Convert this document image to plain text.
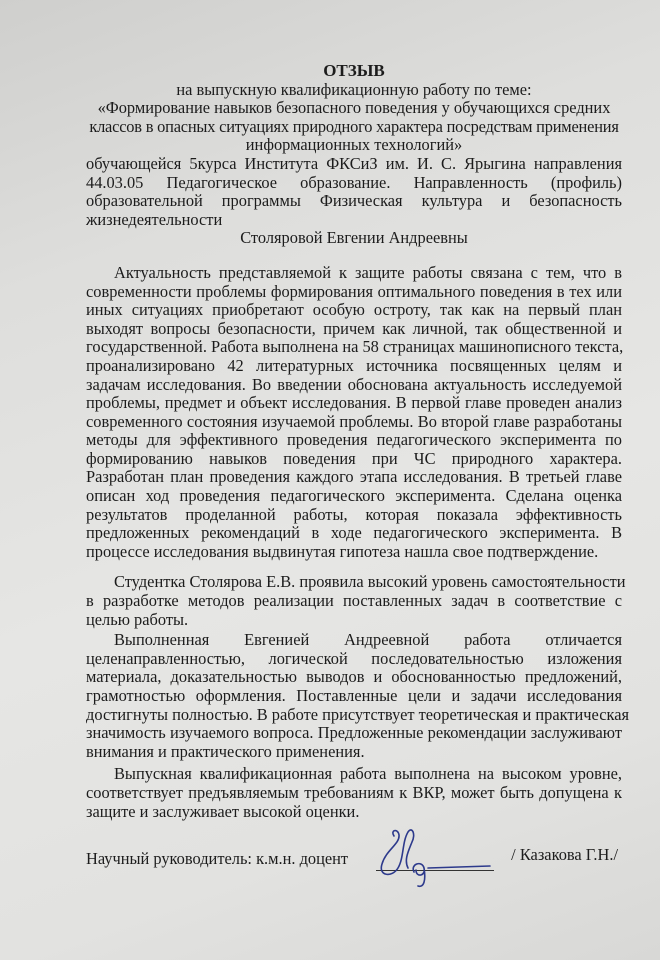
ОТЗЫВ
на выпускную квалификационную работу по теме:
«Формирование навыков безопасного поведения у обучающихся средних
классов в опасных ситуациях природного характера посредствам применения
информационных технологий»
обучающейся 5курса Института ФКСиЗ им. И. С. Ярыгина направления
44.03.05 Педагогическое образование. Направленность (профиль)
образовательной программы Физическая культура и безопасность
жизнедеятельности
Столяровой Евгении Андреевны
Актуальность представляемой к защите работы связана с тем, что в
современности проблемы формирования оптимального поведения в тех или
иных ситуациях приобретают особую остроту, так как на первый план
выходят вопросы безопасности, причем как личной, так общественной и
государственной. Работа выполнена на 58 страницах машинописного текста,
проанализировано 42 литературных источника посвященных целям и
задачам исследования. Во введении обоснована актуальность исследуемой
проблемы, предмет и объект исследования. В первой главе проведен анализ
современного состояния изучаемой проблемы. Во второй главе разработаны
методы для эффективного проведения педагогического эксперимента по
формированию навыков поведения при ЧС природного характера.
Разработан план проведения каждого этапа исследования. В третьей главе
описан ход проведения педагогического эксперимента. Сделана оценка
результатов проделанной работы, которая показала эффективность
предложенных рекомендаций в ходе педагогического эксперимента. В
процессе исследования выдвинутая гипотеза нашла свое подтверждение.
Студентка Столярова Е.В. проявила высокий уровень самостоятельности
в разработке методов реализации поставленных задач в соответствие с
целью работы.
Выполненная Евгенией Андреевной работа отличается
целенаправленностью, логической последовательностью изложения
материала, доказательностью выводов и обоснованностью предложений,
грамотностью оформления. Поставленные цели и задачи исследования
достигнуты полностью. В работе присутствует теоретическая и практическая
значимость изучаемого вопроса. Предложенные рекомендации заслуживают
внимания и практического применения.
Выпускная квалификационная работа выполнена на высоком уровне,
соответствует предъявляемым требованиям к ВКР, может быть допущена к
защите и заслуживает высокой оценки.
Научный руководитель: к.м.н. доцент	/ Казакова Г.Н./
